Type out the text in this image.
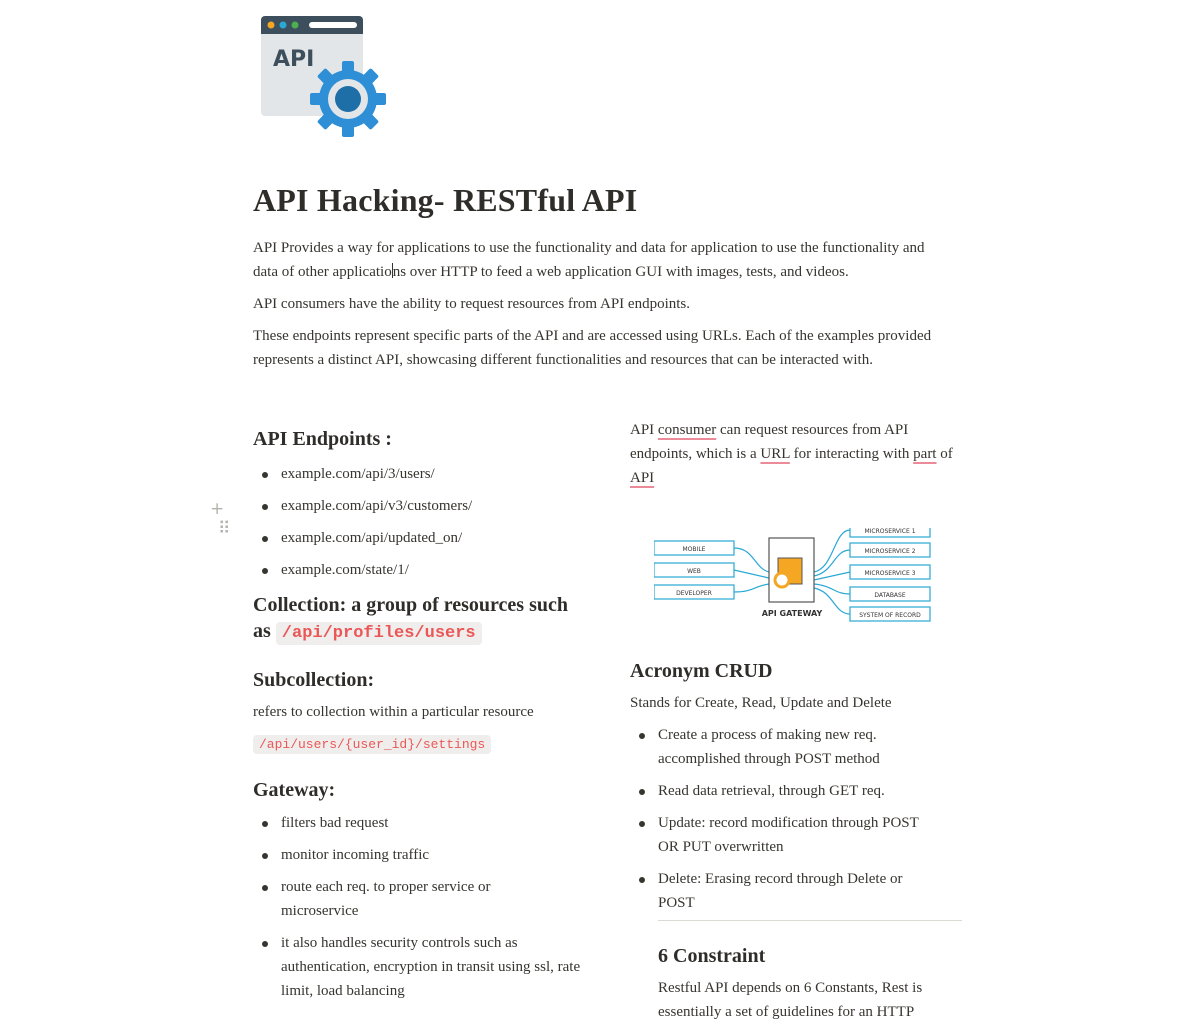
API
API Hacking- RESTful API

API Provides a way for applications to use the functionality and data for application to use the functionality and data of other applications over HTTP to feed a web application GUI with images, tests, and videos.

API consumers have the ability to request resources from API endpoints.

These endpoints represent specific parts of the API and are accessed using URLs. Each of the examples provided represents a distinct API, showcasing different functionalities and resources that can be interacted with.

+ ⠿
API Endpoints :
example.com/api/3/users/
example.com/api/v3/customers/
example.com/api/updated_on/
example.com/state/1/
Collection: a group of resources such as /api/profiles/users
Subcollection:

refers to collection within a particular resource

/api/users/{user_id}/settings

Gateway:
filters bad request
monitor incoming traffic
route each req. to proper service or microservice
it also handles security controls such as authentication, encryption in transit using ssl, rate limit, load balancing

API consumer can request resources from API endpoints, which is a URL for interacting with part of API

MOBILE
WEB
DEVELOPER
MICROSERVICE 1
MICROSERVICE 2
MICROSERVICE 3
DATABASE
SYSTEM OF RECORD
API GATEWAY
Acronym CRUD

Stands for Create, Read, Update and Delete

Create a process of making new req. accomplished through POST method
Read data retrieval, through GET req.
Update: record modification through POST OR PUT overwritten
Delete: Erasing record through Delete or POST
6 Constraint

Restful API depends on 6 Constants, Rest is essentially a set of guidelines for an HTTP
